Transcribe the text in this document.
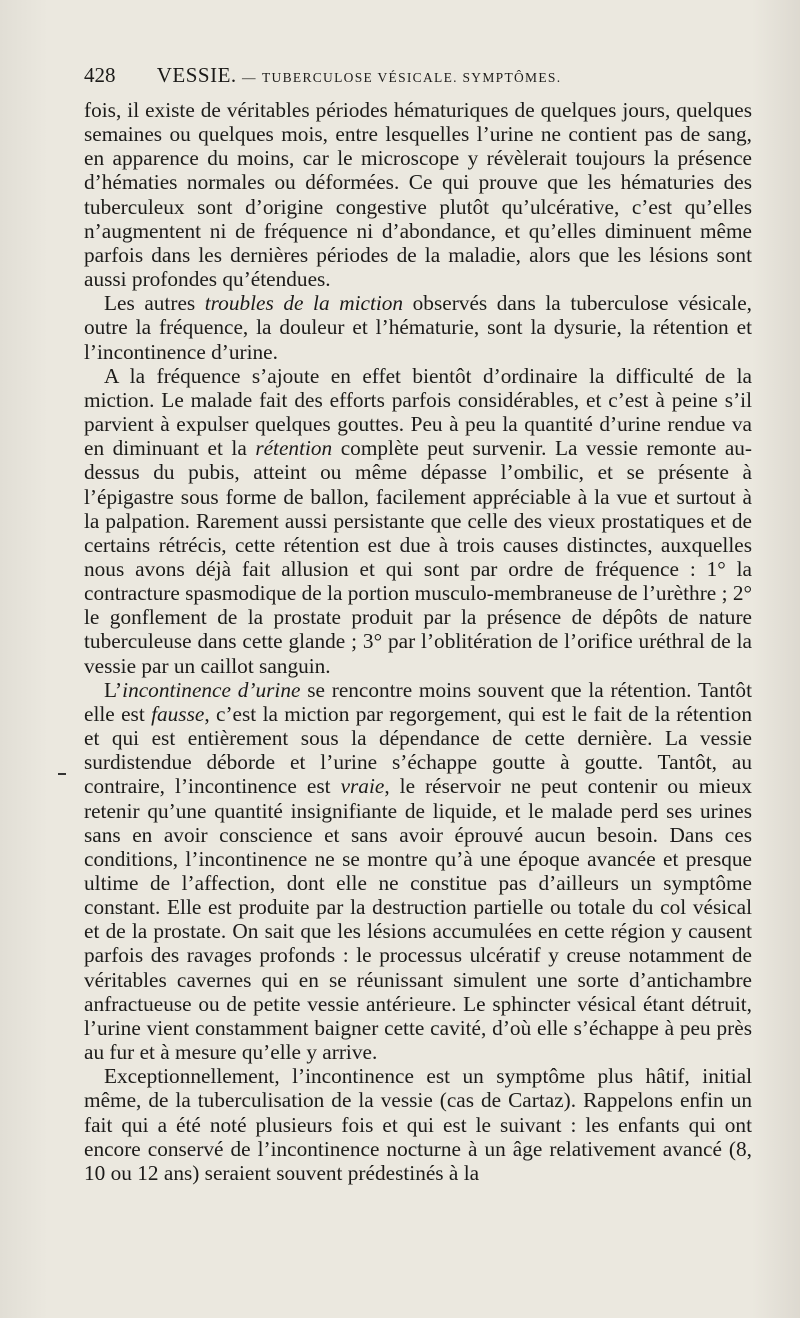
428 VESSIE. — TUBERCULOSE VÉSICALE. SYMPTÔMES.

fois, il existe de véritables périodes hématuriques de quelques jours, quelques semaines ou quelques mois, entre lesquelles l’urine ne contient pas de sang, en apparence du moins, car le microscope y révèlerait toujours la présence d’hématies normales ou déformées. Ce qui prouve que les hématuries des tuberculeux sont d’origine congestive plutôt qu’ulcérative, c’est qu’elles n’augmentent ni de fréquence ni d’abondance, et qu’elles diminuent même parfois dans les dernières périodes de la maladie, alors que les lésions sont aussi profondes qu’étendues.

Les autres troubles de la miction observés dans la tuberculose vésicale, outre la fréquence, la douleur et l’hématurie, sont la dysurie, la rétention et l’incontinence d’urine.

A la fréquence s’ajoute en effet bientôt d’ordinaire la difficulté de la miction. Le malade fait des efforts parfois considérables, et c’est à peine s’il parvient à expulser quelques gouttes. Peu à peu la quantité d’urine rendue va en diminuant et la rétention complète peut survenir. La vessie remonte au-dessus du pubis, atteint ou même dépasse l’ombilic, et se présente à l’épigastre sous forme de ballon, facilement appréciable à la vue et surtout à la palpation. Rarement aussi persistante que celle des vieux prostatiques et de certains rétrécis, cette rétention est due à trois causes distinctes, auxquelles nous avons déjà fait allusion et qui sont par ordre de fréquence : 1° la contracture spasmodique de la portion musculo-membraneuse de l’urèthre ; 2° le gonflement de la prostate produit par la présence de dépôts de nature tuberculeuse dans cette glande ; 3° par l’oblitération de l’orifice uréthral de la vessie par un caillot sanguin.

L’incontinence d’urine se rencontre moins souvent que la rétention. Tantôt elle est fausse, c’est la miction par regorgement, qui est le fait de la rétention et qui est entièrement sous la dépendance de cette dernière. La vessie surdistendue déborde et l’urine s’échappe goutte à goutte. Tantôt, au contraire, l’incontinence est vraie, le réservoir ne peut contenir ou mieux retenir qu’une quantité insignifiante de liquide, et le malade perd ses urines sans en avoir conscience et sans avoir éprouvé aucun besoin. Dans ces conditions, l’incontinence ne se montre qu’à une époque avancée et presque ultime de l’affection, dont elle ne constitue pas d’ailleurs un symptôme constant. Elle est produite par la destruction partielle ou totale du col vésical et de la prostate. On sait que les lésions accumulées en cette région y causent parfois des ravages profonds : le processus ulcératif y creuse notamment de véritables cavernes qui en se réunissant simulent une sorte d’antichambre anfractueuse ou de petite vessie antérieure. Le sphincter vésical étant détruit, l’urine vient constamment baigner cette cavité, d’où elle s’échappe à peu près au fur et à mesure qu’elle y arrive.

Exceptionnellement, l’incontinence est un symptôme plus hâtif, initial même, de la tuberculisation de la vessie (cas de Cartaz). Rappelons enfin un fait qui a été noté plusieurs fois et qui est le suivant : les enfants qui ont encore conservé de l’incontinence nocturne à un âge relativement avancé (8, 10 ou 12 ans) seraient souvent prédestinés à la
